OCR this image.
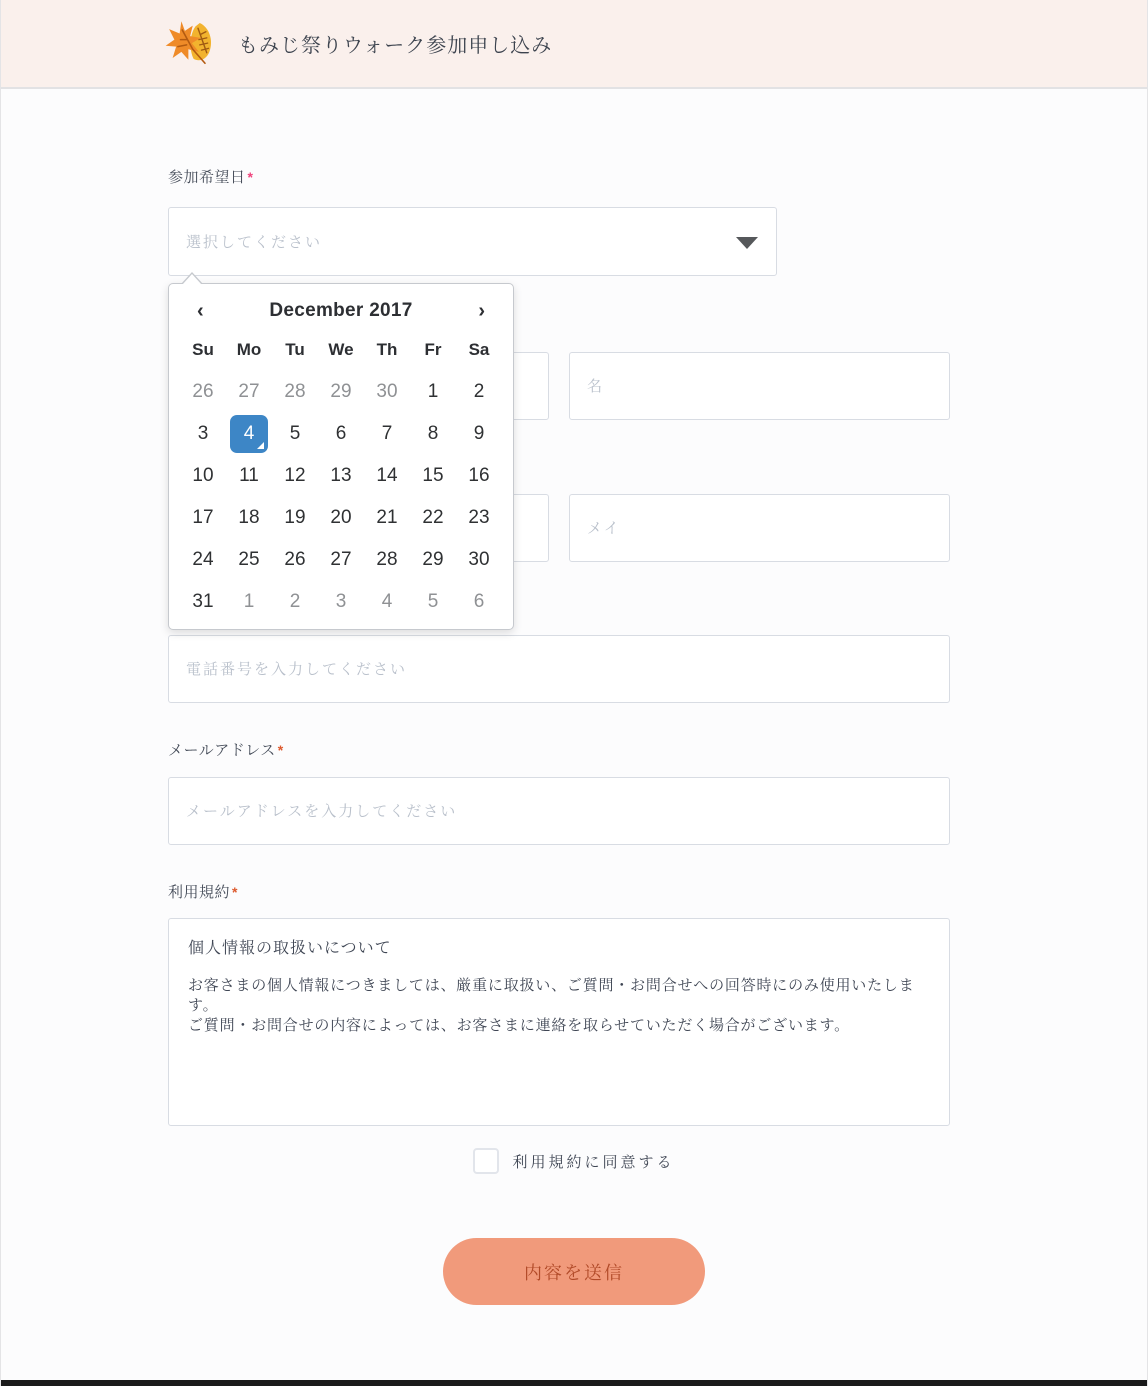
もみじ祭りウォーク参加申し込み
参加希望日 *
選択してください
名
メイ
電話番号を入力してください
メールアドレス *
メールアドレスを入力してください
利用規約 *

個人情報の取扱いについて

お客さまの個人情報につきましては、厳重に取扱い、ご質問・お問合せへの回答時にのみ使用いたします。
ご質問・お問合せの内容によっては、お客さまに連絡を取らせていただく場合がございます。
利用規約に同意する
内容を送信
‹	December 2017	›
Su	Mo	Tu	We	Th	Fr	Sa
26	27	28	29	30	1	2
3	4	5	6	7	8	9
10	11	12	13	14	15	16
17	18	19	20	21	22	23
24	25	26	27	28	29	30
31	1	2	3	4	5	6
